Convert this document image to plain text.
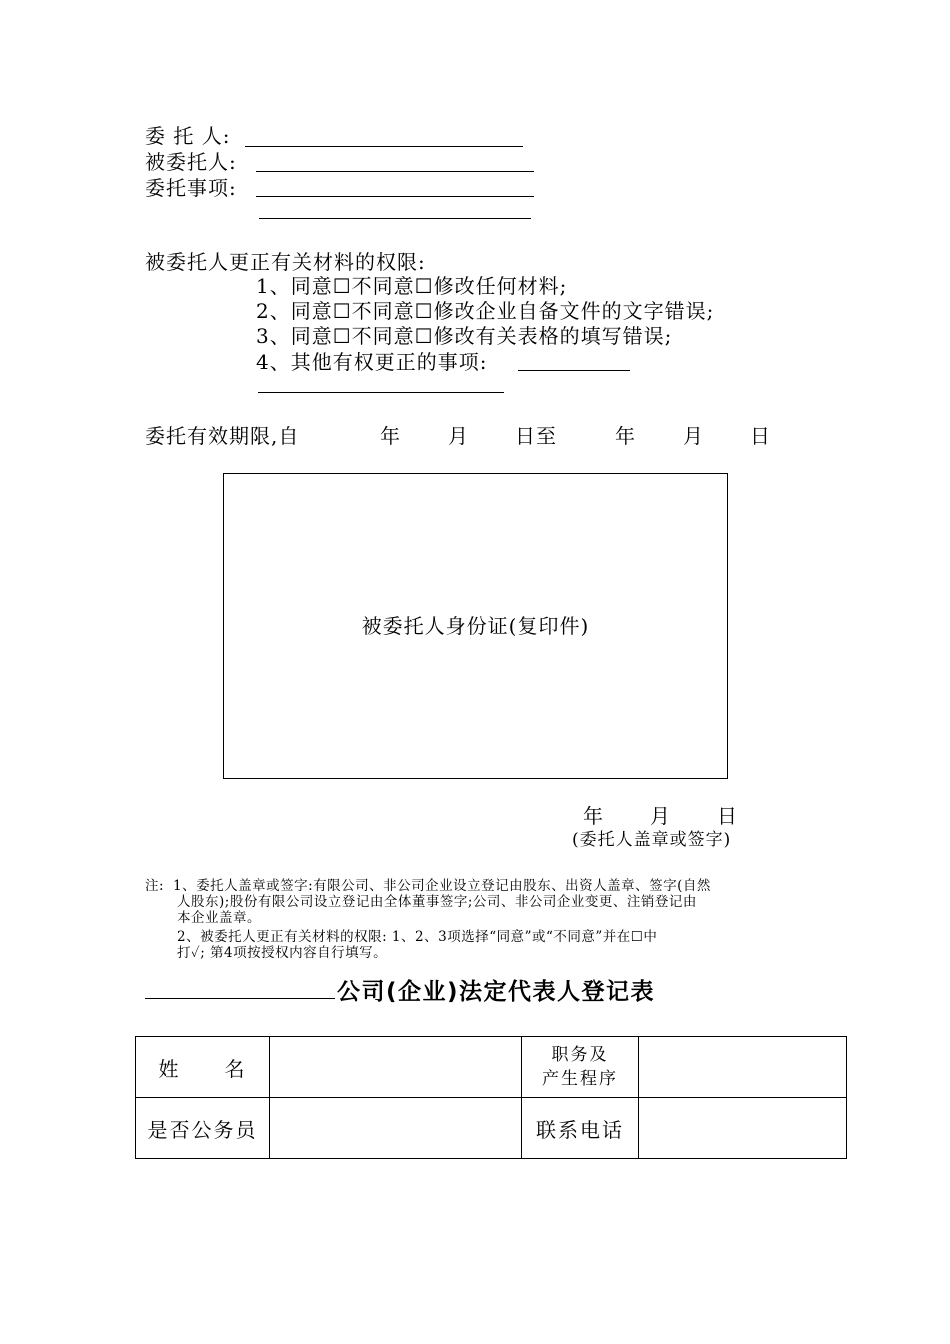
委 托 人:
被委托人:
委托事项:
被委托人更正有关材料的权限:
1、同意☐不同意☐修改任何材料;
2、同意☐不同意☐修改企业自备文件的文字错误;
3、同意☐不同意☐修改有关表格的填写错误;
4、其他有权更正的事项:
委托有效期限,自	年 月 日至	年 月 日
被委托人身份证(复印件)
年 月 日
(委托人盖章或签字)
注: 1、委托人盖章或签字:有限公司、非公司企业设立登记由股东、出资人盖章、签字(自然
人股东);股份有限公司设立登记由全体董事签字;公司、非公司企业变更、注销登记由
本企业盖章。
2、被委托人更正有关材料的权限: 1、2、3项选择“同意”或“不同意”并在☐中
打✓; 第4项按授权内容自行填写。
公司(企业)法定代表人登记表
姓　　名		职务及
产生程序	

是否公务员		联系电话	
